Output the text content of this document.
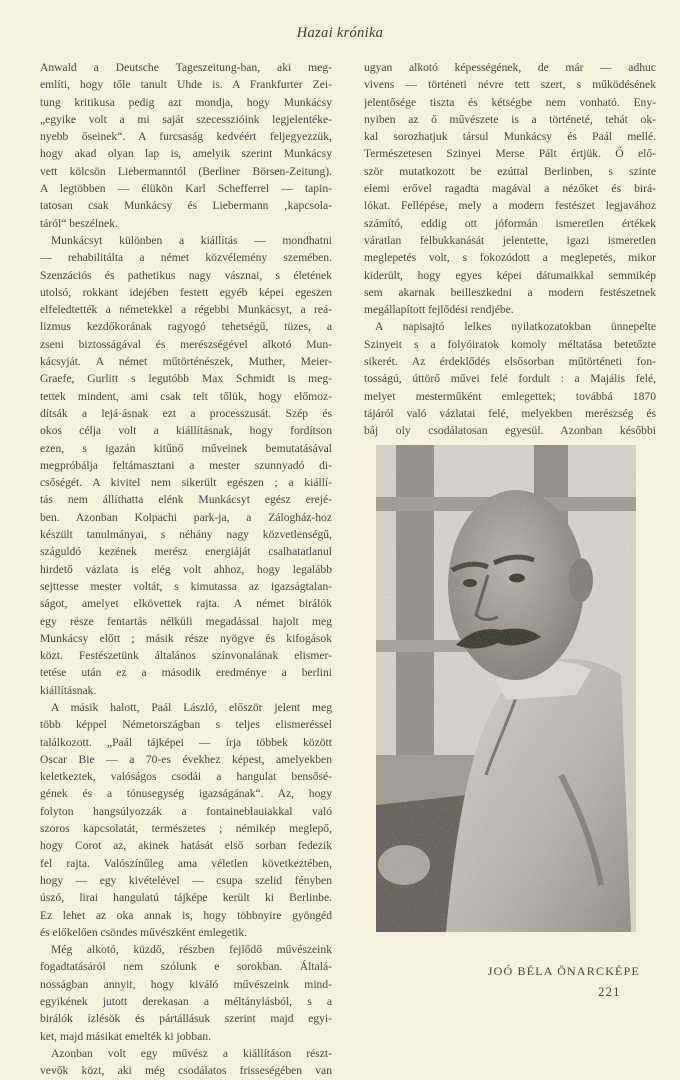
Hazai krónika
Anwald a Deutsche Tageszeitung-ban, aki meg-
említi, hogy tőle tanult Uhde is. A Frankfurter Zei-
tung kritikusa pedig azt mondja, hogy Munkácsy
„egyike volt a mi saját szecesszióink legjelentéke-
nyebb őseinek“. A furcsaság kedvéért feljegyezzük,
hogy akad olyan lap is, amelyik szerint Munkácsy
vett kölcsön Liebermanntól (Berliner Börsen-Zeitung).
A legtöbben — élükön Karl Schefferrel — tapin-
tatosan csak Munkácsy és Liebermann ‚kapcsola-
táról“ beszélnek.
Munkácsyt különben a kiállítás — mondhatni
— rehabilitálta a német közvélemény szemében.
Szenzációs és pathetikus nagy vásznai, s életének
utolsó, rokkant idejében festett egyéb képei egeszen
elfeledtették a németekkel a régebbi Munkácsyt, a reá-
lizmus kezdőkorának ragyogó tehetségű, tüzes, a
zseni biztosságával és merészségével alkotó Mun-
kácsyját. A német műtörténészek, Muther, Meier-
Graefe, Gurlitt s legutóbb Max Schmidt is meg-
tettek mindent, ami csak telt tőlük, hogy előmoz-
dítsák a lejá·ásnak ezt a processzusát. Szép és
okos célja volt a kiállításnak, hogy fordítson
ezen, s igazán kitűnő műveinek bemutatásával
megpróbálja feltámasztani a mester szunnyadó di-
csőségét. A kivitel nem sikerült egészen ; a kiállí-
tás nem állíthatta elénk Munkácsyt egész erejé-
ben. Azonban Kolpachi park-ja, a Zálogház-hoz
készült tanulmányai, s néhány nagy közvetlenségű,
száguldó kezének merész energiáját csalhatatlanul
hirdető vázlata is elég volt ahhoz, hogy legalább
sejttesse mester voltát, s kimutassa az igazságtalan-
ságot, amelyet elkövettek rajta. A német birálók
egy része fentartás nélküli megadással hajolt meg
Munkácsy előtt ; másik része nyögve és kifogások
közt. Festészetünk általános színvonalának elismer-
tetése után ez a második eredménye a berlini
kiállításnak.
A másik halott, Paál László, először jelent meg
több képpel Németországban s teljes elismeréssel
találkozott. „Paál tájképei — írja többek között
Oscar Bie — a 70-es évekhez képest, amelyekben
keletkeztek, valóságos csodái a hangulat bensősé-
gének és a tónusegység igazságának“. Az, hogy
folyton hangsúlyozzák a fontaineblauiakkal való
szoros kapcsolatát, természetes ; némikép meglepő,
hogy Corot az, akinek hatását első sorban fedezik
fel rajta. Valószínűleg ama véletlen következtében,
hogy — egy kivételével — csupa szelid fényben
úszó, lirai hangulatú tájképe került ki Berlinbe.
Ez lehet az oka annak is, hogy többnyire gyöngéd
és előkelően csöndes művészként emlegetik.
Még alkotó, küzdő, részben fejlődő művészeink
fogadtatásáról nem szólunk e sorokban. Általá-
nosságban annyit, hogy kiváló művészeink mind-
egyikének jutott derekasan a méltánylásból, s a
birálók ízlésök és pártállásuk szerint majd egyi-
ket, majd másikat emelték ki jobban.
Azonban volt egy művész a kiállításon részt-
vevők közt, aki még csodálatos frisseségében van
ugyan alkotó képességének, de már — adhuc
vivens — történeti névre tett szert, s működésének
jelentősége tiszta és kétségbe nem vonható. Eny-
nyiben az ő művészete is a történeté, tehát ok-
kal sorozhatjuk társul Munkácsy és Paál mellé.
Természetesen Szinyei Merse Pált értjük. Ő elő-
ször mutatkozott be ezúttal Berlinben, s szinte
elemi erővel ragadta magával a nézőket és birá-
lókat. Fellépése, mely a modern festészet legjavához
számító, eddig ott jóformán ismeretlen értékek
váratlan felbukkanását jelentette, igazi ismeretlen
meglepetés volt, s fokozódott a meglepetés, mikor
kiderült, hogy egyes képei dátumaikkal semmikép
sem akarnak beilleszkedni a modern festészetnek
megállapított fejlődési rendjébe.
A napisajtó lelkes nyilatkozatokban ünnepelte
Szinyeit s a folyóiratok komoly méltatása betetőzte
sikerét. Az érdeklődés elsősorban műtörténeti fon-
tosságú, úttörő művei felé fordult : a Majális felé,
melyet mesterműként emlegettek; továbbá 1870
tájáról való vázlatai felé, melyekben merészség és
báj oly csodálatosan egyesül. Azonban későbbi
JOÓ BÉLA ÖNARCKÉPE
221
